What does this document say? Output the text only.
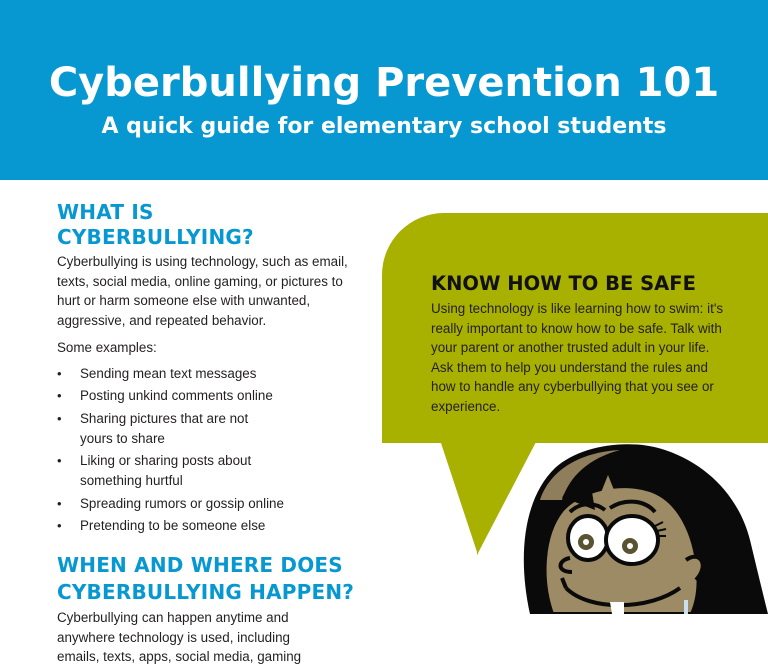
Cyberbullying Prevention 101
A quick guide for elementary school students
WHAT IS CYBERBULLYING?

Cyberbullying is using technology, such as email, texts, social media, online gaming, or pictures to hurt or harm someone else with unwanted, aggressive, and repeated behavior.

Some examples:

• Sending mean text messages
• Posting unkind comments online
• Sharing pictures that are not yours to share
• Liking or sharing posts about something hurtful
• Spreading rumors or gossip online
• Pretending to be someone else
WHEN AND WHERE DOES
CYBERBULLYING HAPPEN?

Cyberbullying can happen anytime and anywhere technology is used, including emails, texts, apps, social media, gaming

KNOW HOW TO BE SAFE

Using technology is like learning how to swim: it's really important to know how to be safe. Talk with your parent or another trusted adult in your life. Ask them to help you understand the rules and how to handle any cyberbullying that you see or experience.
